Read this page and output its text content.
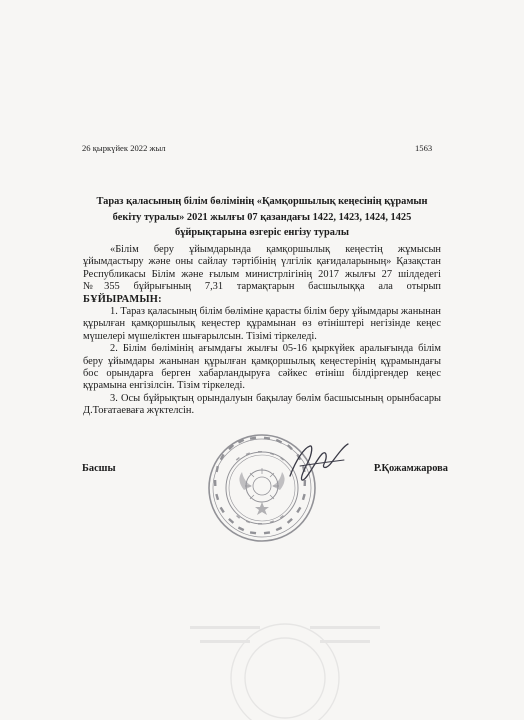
26 қыркүйек 2022 жыл	1563
Тараз қаласының білім бөлімінің «Қамқоршылық кеңесінің құрамын
бекіту туралы» 2021 жылғы 07 қазандағы 1422, 1423, 1424, 1425
бұйрықтарына өзгеріс енгізу туралы

«Білім беру ұйымдарында қамқоршылық кеңестің жұмысын ұйымдастыру және оны сайлау тәртібінің үлгілік қағидаларының» Қазақстан Республикасы Білім және ғылым министрлігінің 2017 жылғы 27 шілдедегі №355 бұйрығының 7,31 тармақтарын басшылыққа ала отырып БҰЙЫРАМЫН:

1. Тараз қаласының білім бөліміне қарасты білім беру ұйымдары жанынан құрылған қамқоршылық кеңестер құрамынан өз өтініштері негізінде кеңес мүшелері мүшеліктен шығарылсын. Тізімі тіркеледі.

2. Білім бөлімінің ағымдағы жылғы 05-16 қыркүйек аралығында білім беру ұйымдары жанынан құрылған қамқоршылық кеңестерінің құрамындағы бос орындарға берген хабарландыруға сәйкес өтініш білдіргендер кеңес құрамына енгізілсін. Тізім тіркеледі.

3. Осы бұйрықтың орындалуын бақылау бөлім басшысының орынбасары Д.Тоғатаеваға жүктелсін.

Басшы	Р.Қожамжарова
